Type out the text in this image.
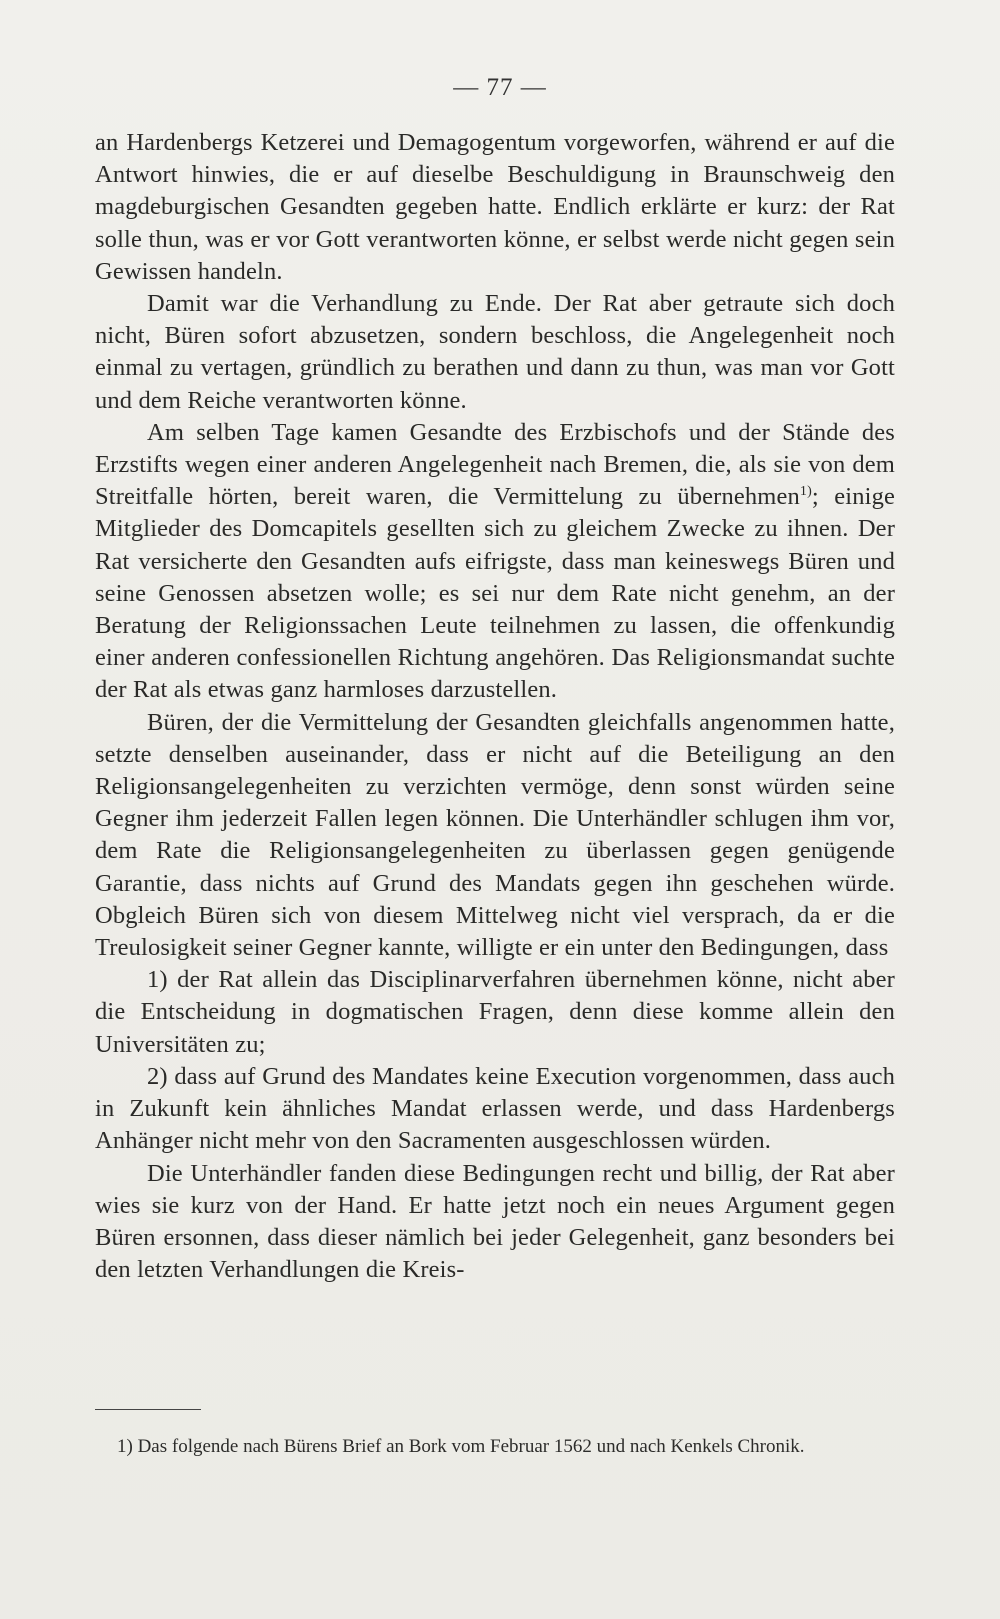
— 77 —

an Hardenbergs Ketzerei und Demagogentum vorgeworfen, während er auf die Antwort hinwies, die er auf dieselbe Beschuldigung in Braunschweig den magdeburgischen Gesandten gegeben hatte. Endlich erklärte er kurz: der Rat solle thun, was er vor Gott verantworten könne, er selbst werde nicht gegen sein Gewissen handeln.

Damit war die Verhandlung zu Ende. Der Rat aber getraute sich doch nicht, Büren sofort abzusetzen, sondern beschloss, die Angelegenheit noch einmal zu vertagen, gründlich zu berathen und dann zu thun, was man vor Gott und dem Reiche verantworten könne.

Am selben Tage kamen Gesandte des Erzbischofs und der Stände des Erzstifts wegen einer anderen Angelegenheit nach Bremen, die, als sie von dem Streitfalle hörten, bereit waren, die Vermittelung zu übernehmen$^{1)}$; einige Mitglieder des Domcapitels gesellten sich zu gleichem Zwecke zu ihnen. Der Rat versicherte den Gesandten aufs eifrigste, dass man keineswegs Büren und seine Genossen absetzen wolle; es sei nur dem Rate nicht genehm, an der Beratung der Religionssachen Leute teilnehmen zu lassen, die offenkundig einer anderen confessionellen Richtung angehören. Das Religionsmandat suchte der Rat als etwas ganz harmloses darzustellen.

Büren, der die Vermittelung der Gesandten gleichfalls angenommen hatte, setzte denselben auseinander, dass er nicht auf die Beteiligung an den Religionsangelegenheiten zu verzichten vermöge, denn sonst würden seine Gegner ihm jederzeit Fallen legen können. Die Unterhändler schlugen ihm vor, dem Rate die Religionsangelegenheiten zu überlassen gegen genügende Garantie, dass nichts auf Grund des Mandats gegen ihn geschehen würde. Obgleich Büren sich von diesem Mittelweg nicht viel versprach, da er die Treulosigkeit seiner Gegner kannte, willigte er ein unter den Bedingungen, dass

1) der Rat allein das Disciplinarverfahren übernehmen könne, nicht aber die Entscheidung in dogmatischen Fragen, denn diese komme allein den Universitäten zu;

2) dass auf Grund des Mandates keine Execution vorgenommen, dass auch in Zukunft kein ähnliches Mandat erlassen werde, und dass Hardenbergs Anhänger nicht mehr von den Sacramenten ausgeschlossen würden.

Die Unterhändler fanden diese Bedingungen recht und billig, der Rat aber wies sie kurz von der Hand. Er hatte jetzt noch ein neues Argument gegen Büren ersonnen, dass dieser nämlich bei jeder Gelegenheit, ganz besonders bei den letzten Verhandlungen die Kreis-

1) Das folgende nach Bürens Brief an Bork vom Februar 1562 und nach Kenkels Chronik.
